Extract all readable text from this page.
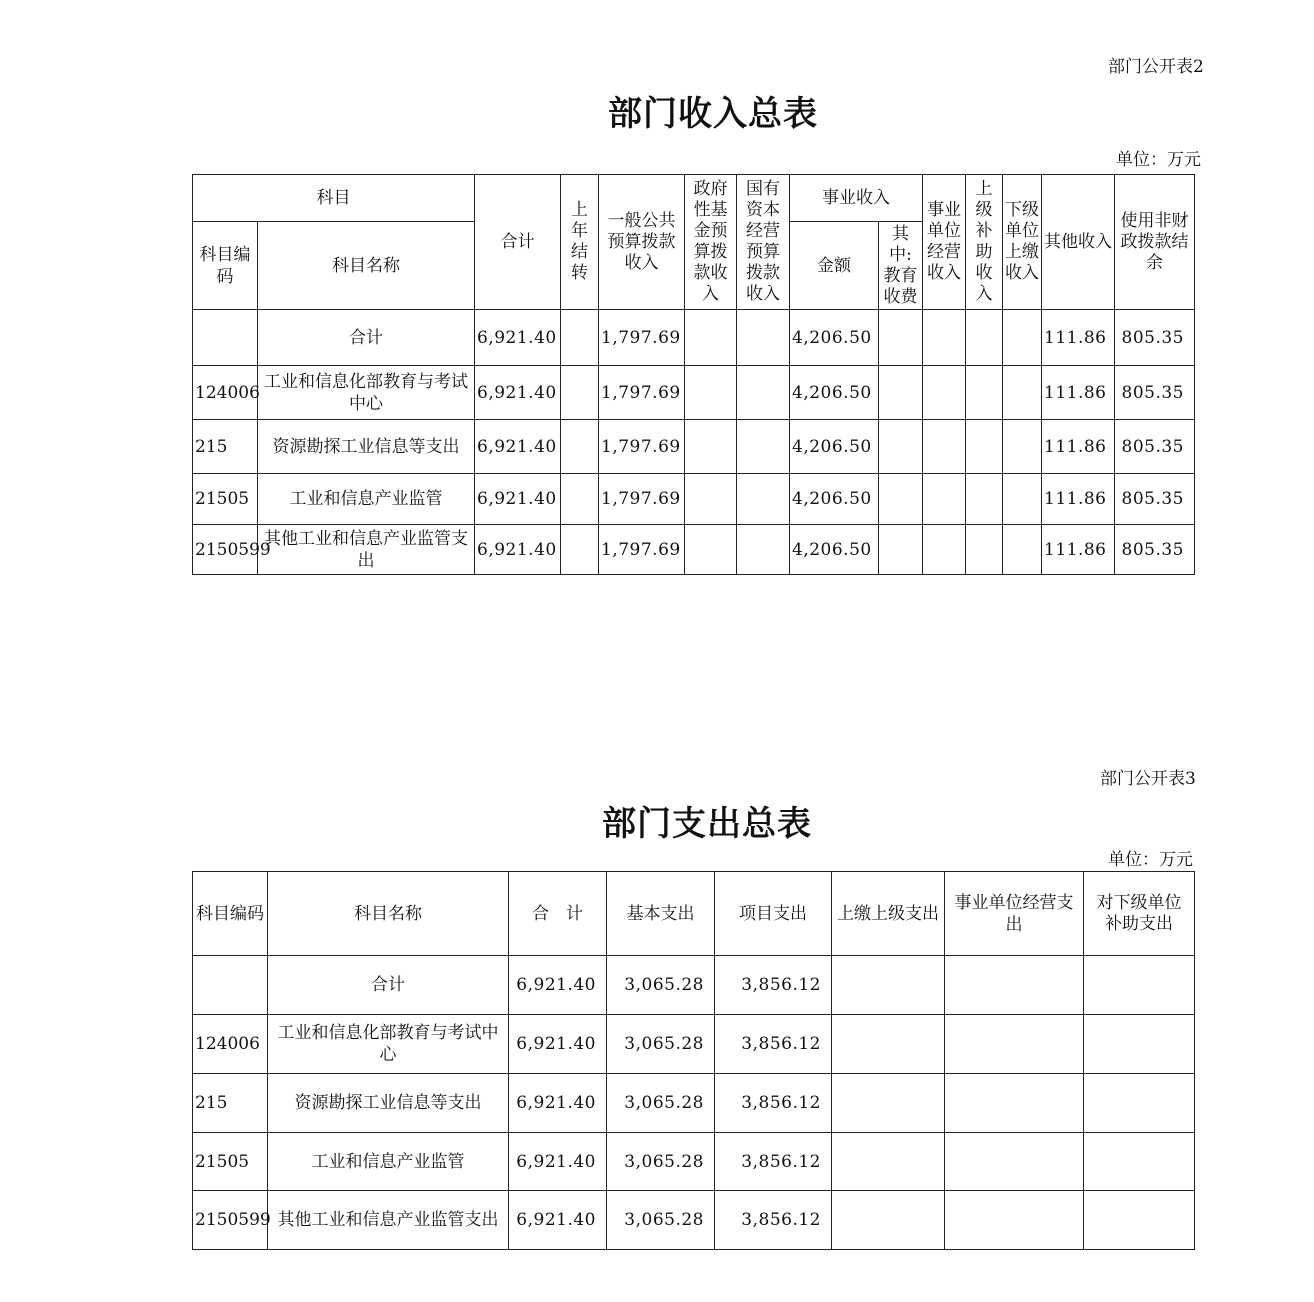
部门公开表2
部门收入总表
单位：万元
科目		合计	上年结转	一般公共预算拨款收入	政府性基金预算拨款收入	国有资本经营预算拨款收入	事业收入		事业单位经营收入	上级补助收入	下级单位上缴收入	其他收入	使用非财政拨款结余
科目编码	科目名称						金额	其中:教育收费					
	合计	6,921.40		1,797.69			4,206.50					111.86	805.35
124006	工业和信息化部教育与考试中心	6,921.40		1,797.69			4,206.50					111.86	805.35
215	资源勘探工业信息等支出	6,921.40		1,797.69			4,206.50					111.86	805.35
21505	工业和信息产业监管	6,921.40		1,797.69			4,206.50					111.86	805.35
2150599	其他工业和信息产业监管支出	6,921.40		1,797.69			4,206.50					111.86	805.35
部门公开表3
部门支出总表
单位：万元
科目编码	科目名称	合　计	基本支出	项目支出	上缴上级支出	事业单位经营支出	对下级单位补助支出
	合计	6,921.40	3,065.28	3,856.12			
124006	工业和信息化部教育与考试中心	6,921.40	3,065.28	3,856.12			
215	资源勘探工业信息等支出	6,921.40	3,065.28	3,856.12			
21505	工业和信息产业监管	6,921.40	3,065.28	3,856.12			
2150599	其他工业和信息产业监管支出	6,921.40	3,065.28	3,856.12			
